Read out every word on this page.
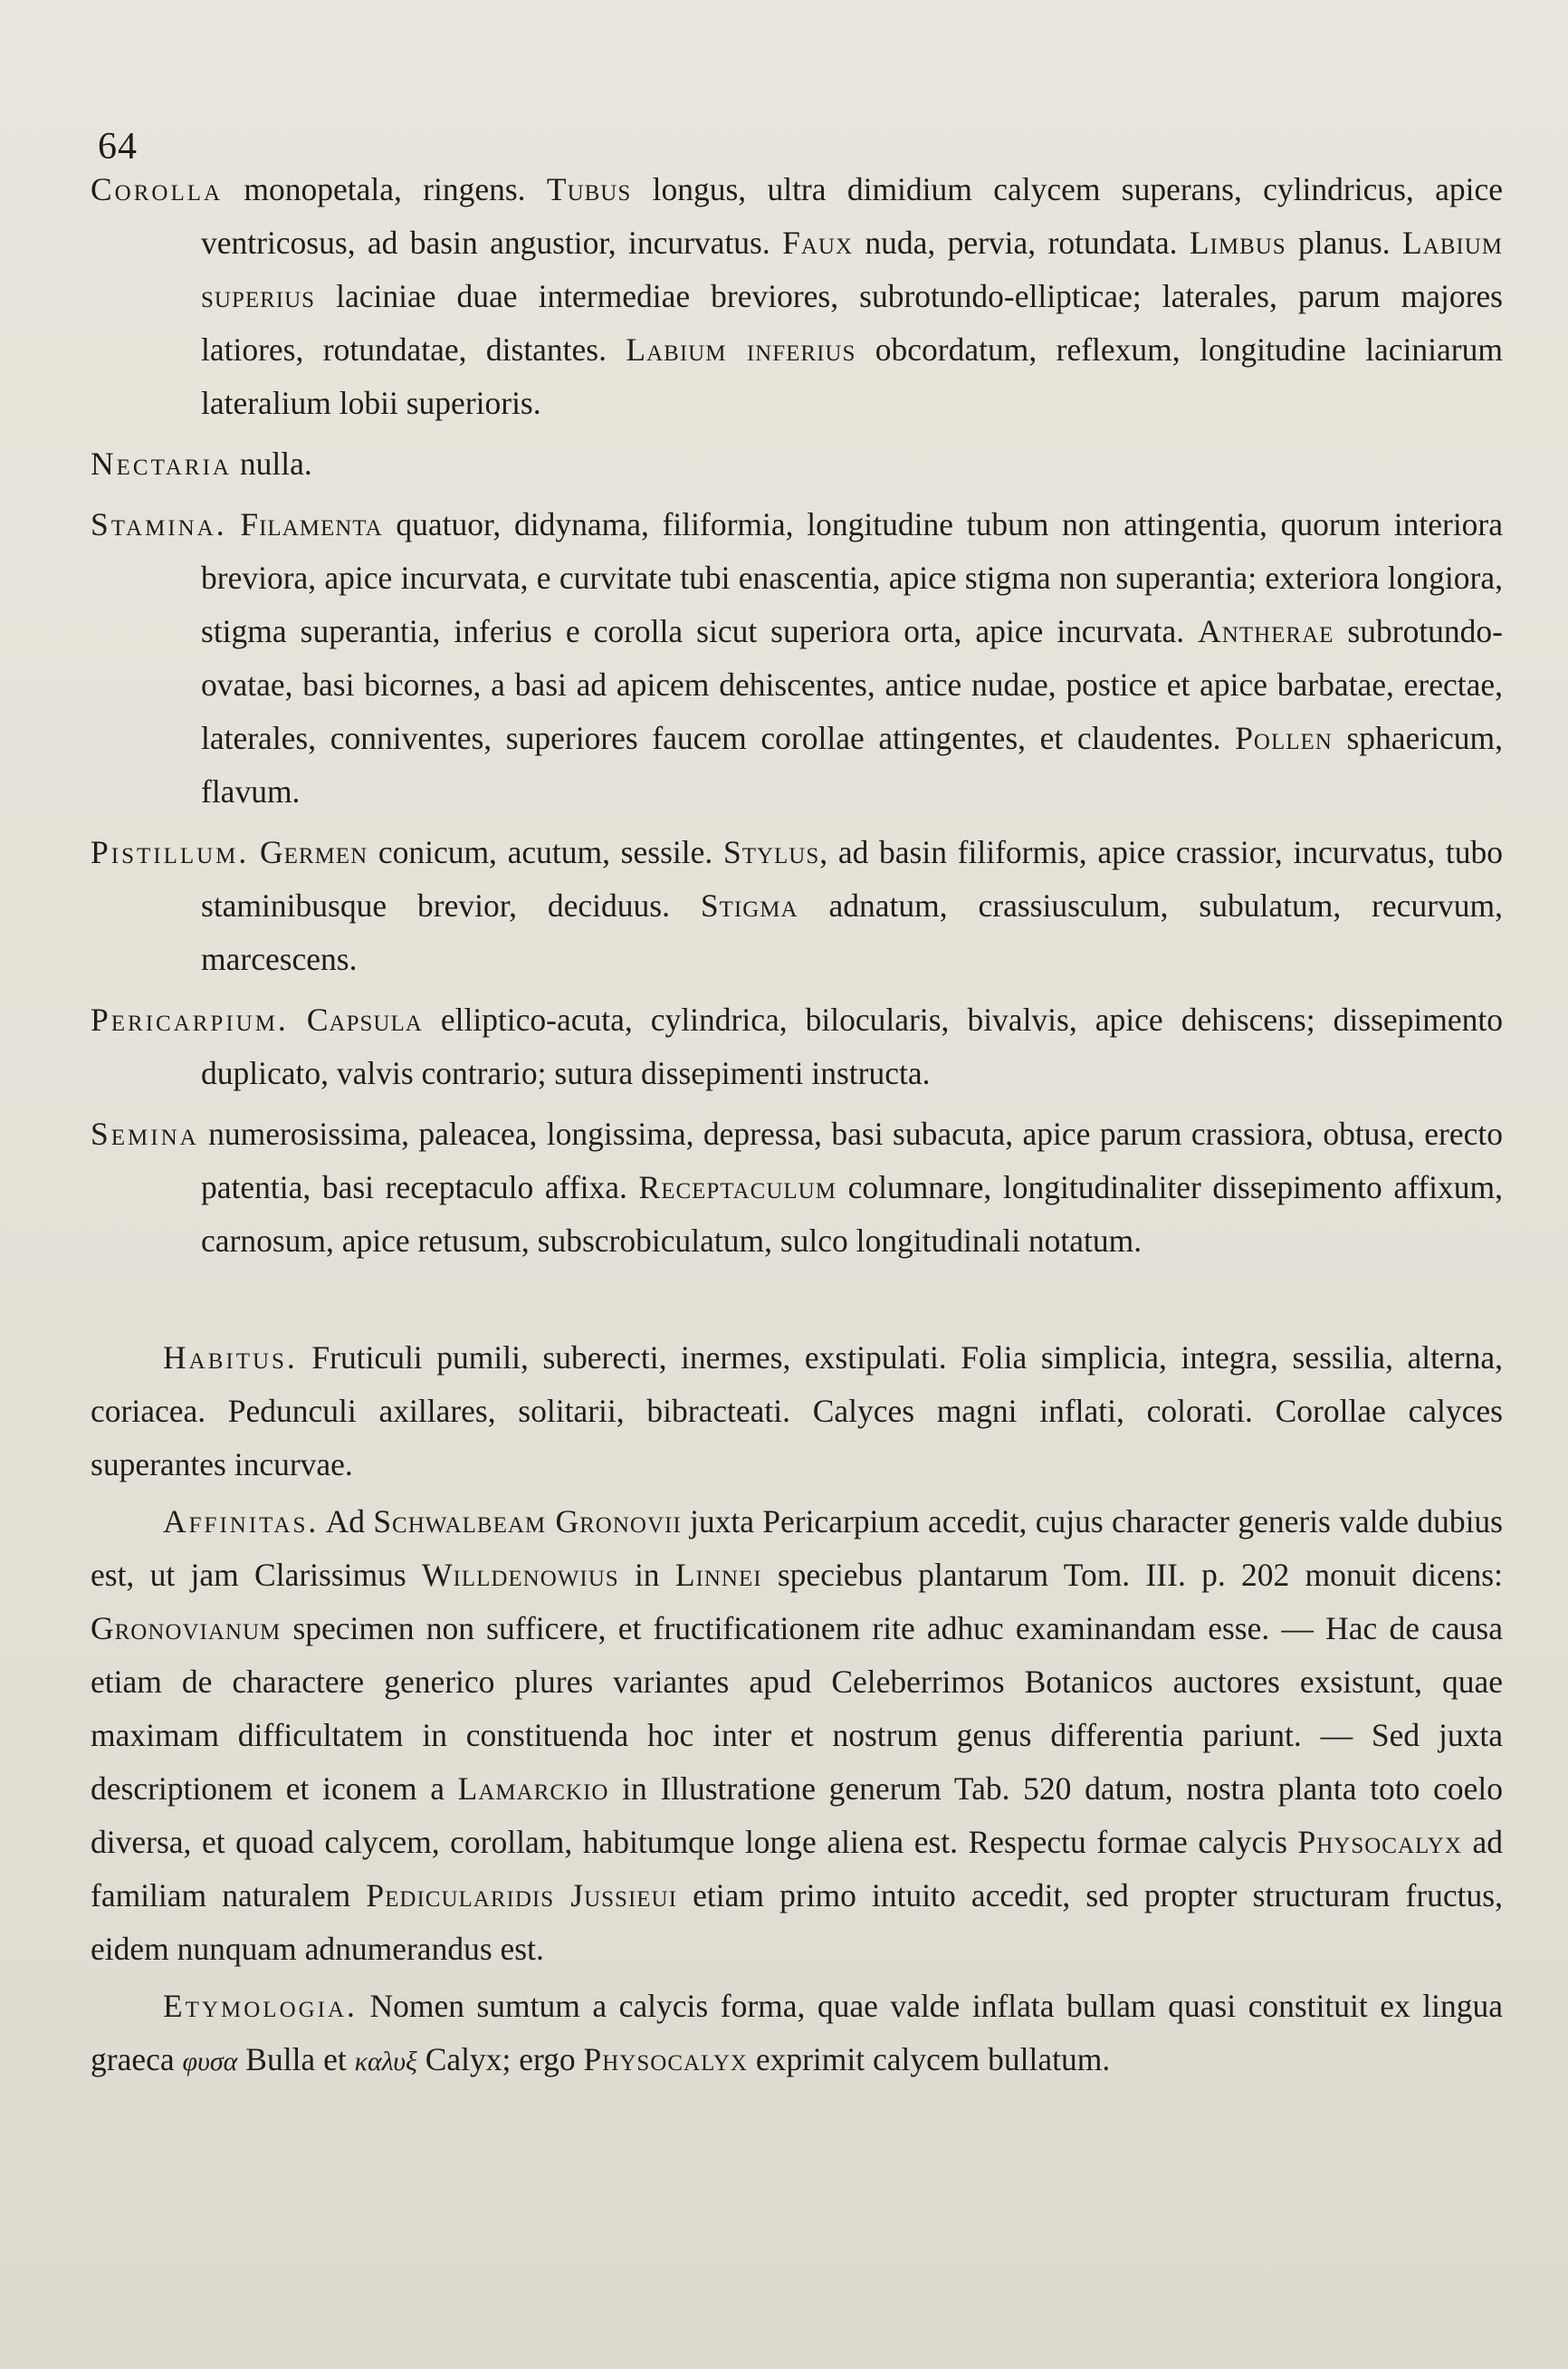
64

Corolla monopetala, ringens. Tubus longus, ultra dimidium calycem superans, cylindricus, apice ventricosus, ad basin angustior, incurvatus. Faux nuda, pervia, rotundata. Limbus planus. Labium superius laciniae duae intermediae breviores, subrotundo-ellipticae; laterales, parum majores latiores, rotundatae, distantes. Labium inferius obcordatum, reflexum, longitudine laciniarum lateralium lobii superioris.

Nectaria nulla.

Stamina. Filamenta quatuor, didynama, filiformia, longitudine tubum non attingentia, quorum interiora breviora, apice incurvata, e curvitate tubi enascentia, apice stigma non superantia; exteriora longiora, stigma superantia, inferius e corolla sicut superiora orta, apice incurvata. Antherae subrotundo-ovatae, basi bicornes, a basi ad apicem dehiscentes, antice nudae, postice et apice barbatae, erectae, laterales, conniventes, superiores faucem corollae attingentes, et claudentes. Pollen sphaericum, flavum.

Pistillum. Germen conicum, acutum, sessile. Stylus, ad basin filiformis, apice crassior, incurvatus, tubo staminibusque brevior, deciduus. Stigma adnatum, crassiusculum, subulatum, recurvum, marcescens.

Pericarpium. Capsula elliptico-acuta, cylindrica, bilocularis, bivalvis, apice dehiscens; dissepimento duplicato, valvis contrario; sutura dissepimenti instructa.

Semina numerosissima, paleacea, longissima, depressa, basi subacuta, apice parum crassiora, obtusa, erecto patentia, basi receptaculo affixa. Receptaculum columnare, longitudinaliter dissepimento affixum, carnosum, apice retusum, subscrobiculatum, sulco longitudinali notatum.

Habitus. Fruticuli pumili, suberecti, inermes, exstipulati. Folia simplicia, integra, sessilia, alterna, coriacea. Pedunculi axillares, solitarii, bibracteati. Calyces magni inflati, colorati. Corollae calyces superantes incurvae.

Affinitas. Ad Schwalbeam Gronovii juxta Pericarpium accedit, cujus character generis valde dubius est, ut jam Clarissimus Willdenowius in Linnei speciebus plantarum Tom. III. p. 202 monuit dicens: Gronovianum specimen non sufficere, et fructificationem rite adhuc examinandam esse. — Hac de causa etiam de charactere generico plures variantes apud Celeberrimos Botanicos auctores exsistunt, quae maximam difficultatem in constituenda hoc inter et nostrum genus differentia pariunt. — Sed juxta descriptionem et iconem a Lamarckio in Illustratione generum Tab. 520 datum, nostra planta toto coelo diversa, et quoad calycem, corollam, habitumque longe aliena est. Respectu formae calycis Physocalyx ad familiam naturalem Pedicularidis Jussieui etiam primo intuito accedit, sed propter structuram fructus, eidem nunquam adnumerandus est.

Etymologia. Nomen sumtum a calycis forma, quae valde inflata bullam quasi constituit ex lingua graeca φυσα Bulla et καλυξ Calyx; ergo Physocalyx exprimit calycem bullatum.
